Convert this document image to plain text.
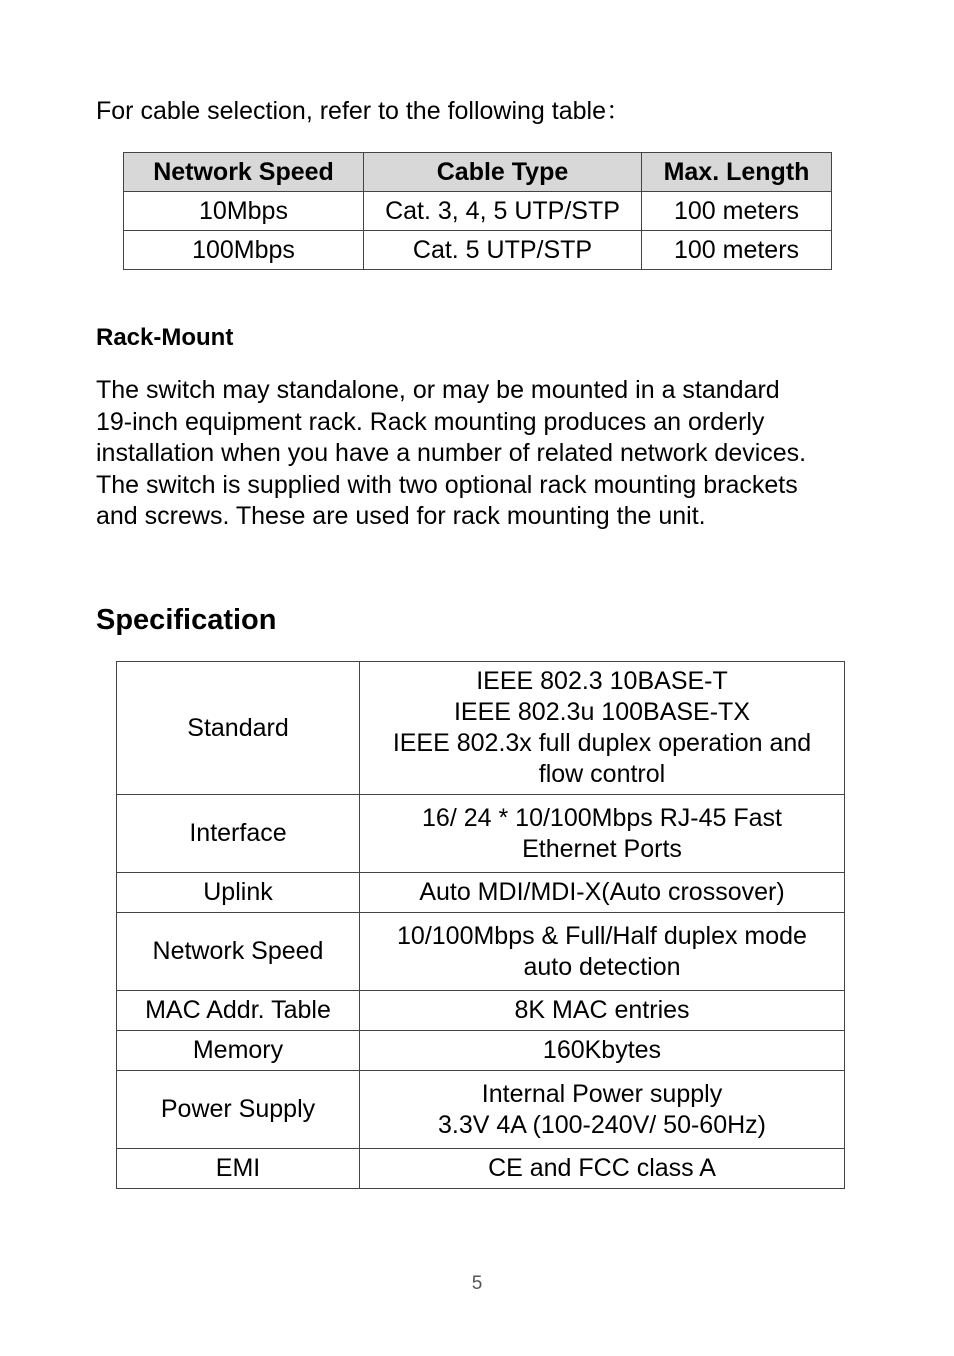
For cable selection, refer to the following table：
Network Speed	Cable Type	Max. Length
10Mbps	Cat. 3, 4, 5 UTP/STP	100 meters
100Mbps	Cat. 5 UTP/STP	100 meters
Rack-Mount

The switch may standalone, or may be mounted in a standard
19-inch equipment rack. Rack mounting produces an orderly
installation when you have a number of related network devices.
The switch is supplied with two optional rack mounting brackets
and screws. These are used for rack mounting the unit.

Specification
Standard	IEEE 802.3 10BASE-T
IEEE 802.3u 100BASE-TX
IEEE 802.3x full duplex operation and
flow control

Interface	16/ 24 * 10/100Mbps RJ-45 Fast
Ethernet Ports

Uplink	Auto MDI/MDI-X(Auto crossover)

Network Speed	10/100Mbps & Full/Half duplex mode
auto detection

MAC Addr. Table	8K MAC entries

Memory	160Kbytes

Power Supply	Internal Power supply
3.3V 4A (100-240V/ 50-60Hz)

EMI	CE and FCC class A
5
